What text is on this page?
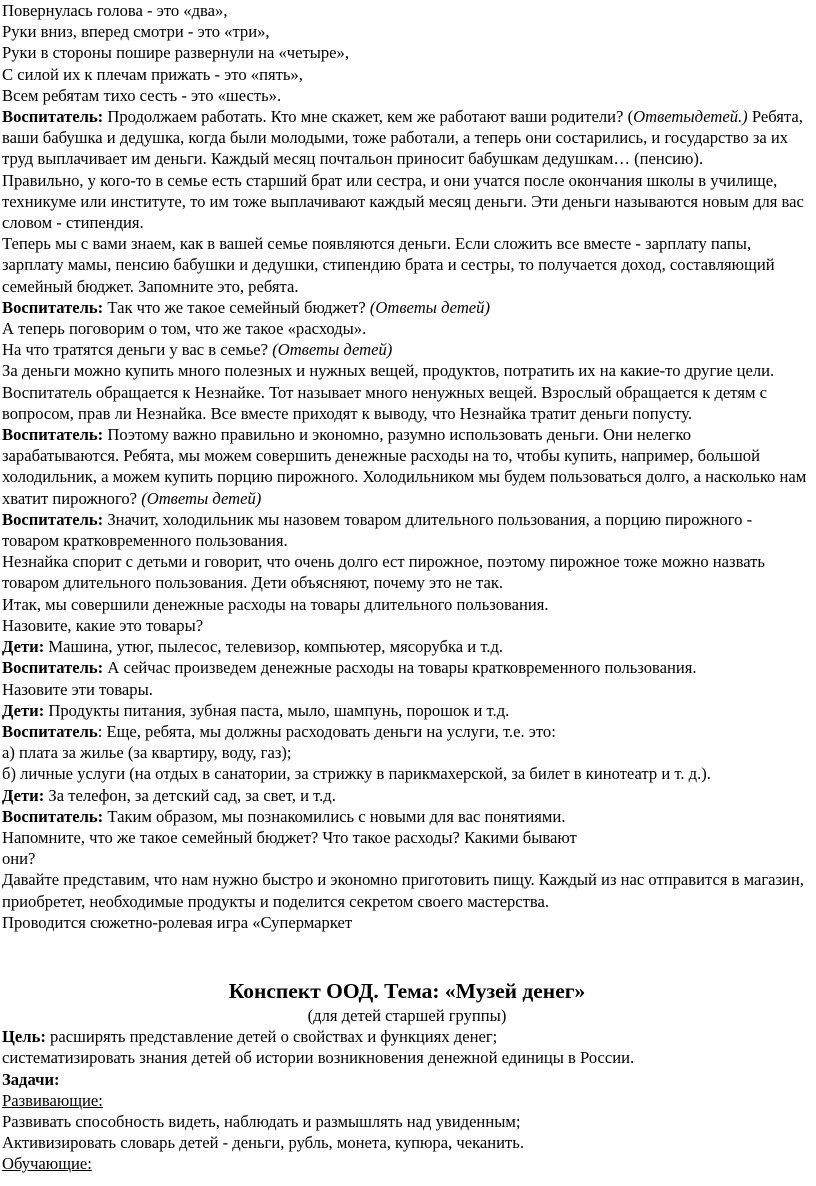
Повернулась голова - это «два»,

Руки вниз, вперед смотри - это «три»,

Руки в стороны пошире развернули на «четыре»,

С силой их к плечам прижать - это «пять»,

Всем ребятам тихо сесть - это «шесть».

Воспитатель: Продолжаем работать. Кто мне скажет, кем же работают ваши родители? (Ответыдетей.) Ребята, ваши бабушка и дедушка, когда были молодыми, тоже работали, а теперь они состарились, и государство за их труд выплачивает им деньги. Каждый месяц почтальон приносит бабушкам дедушкам… (пенсию).

Правильно, у кого-то в семье есть старший брат или сестра, и они учатся после окончания школы в училище, техникуме или институте, то им тоже выплачивают каждый месяц деньги. Эти деньги называются новым для вас словом - стипендия.

Теперь мы с вами знаем, как в вашей семье появляются деньги. Если сложить все вместе - зарплату папы, зарплату мамы, пенсию бабушки и дедушки, стипендию брата и сестры, то получается доход, составляющий семейный бюджет. Запомните это, ребята.

Воспитатель: Так что же такое семейный бюджет? (Ответы детей)

А теперь поговорим о том, что же такое «расходы».

На что тратятся деньги у вас в семье? (Ответы детей)

За деньги можно купить много полезных и нужных вещей, продуктов, потратить их на какие-то другие цели.

Воспитатель обращается к Незнайке. Тот называет много ненужных вещей. Взрослый обращается к детям с вопросом, прав ли Незнайка. Все вместе приходят к выводу, что Незнайка тратит деньги попусту.

Воспитатель: Поэтому важно правильно и экономно, разумно использовать деньги. Они нелегко зарабатываются. Ребята, мы можем совершить денежные расходы на то, чтобы купить, например, большой холодильник, а можем купить порцию пирожного. Холодильником мы будем пользоваться долго, а насколько нам хватит пирожного? (Ответы детей)

Воспитатель: Значит, холодильник мы назовем товаром длительного пользования, а порцию пирожного - товаром кратковременного пользования.

Незнайка спорит с детьми и говорит, что очень долго ест пирожное, поэтому пирожное тоже можно назвать товаром длительного пользования. Дети объясняют, почему это не так.

Итак, мы совершили денежные расходы на товары длительного пользования.

Назовите, какие это товары?

Дети: Машина, утюг, пылесос, телевизор, компьютер, мясорубка и т.д.

Воспитатель: А сейчас произведем денежные расходы на товары кратковременного пользования.

Назовите эти товары.

Дети: Продукты питания, зубная паста, мыло, шампунь, порошок и т.д.

Воспитатель: Еще, ребята, мы должны расходовать деньги на услуги, т.е. это:

а) плата за жилье (за квартиру, воду, газ);

б) личные услуги (на отдых в санатории, за стрижку в парикмахерской, за билет в кинотеатр и т. д.).

Дети: За телефон, за детский сад, за свет, и т.д.

Воспитатель: Таким образом, мы познакомились с новыми для вас понятиями.

Напомните, что же такое семейный бюджет? Что такое расходы? Какими бывают

они?

Давайте представим, что нам нужно быстро и экономно приготовить пищу. Каждый из нас отправится в магазин, приобретет, необходимые продукты и поделится секретом своего мастерства.

Проводится сюжетно-ролевая игра «Супермаркет

Конспект ООД. Тема: «Музей денег»

(для детей старшей группы)

Цель: расширять представление детей о свойствах и функциях денег;

систематизировать знания детей об истории возникновения денежной единицы в России.

Задачи:

Развивающие:

Развивать способность видеть, наблюдать и размышлять над увиденным;

Активизировать словарь детей - деньги, рубль, монета, купюра, чеканить.

Обучающие:
